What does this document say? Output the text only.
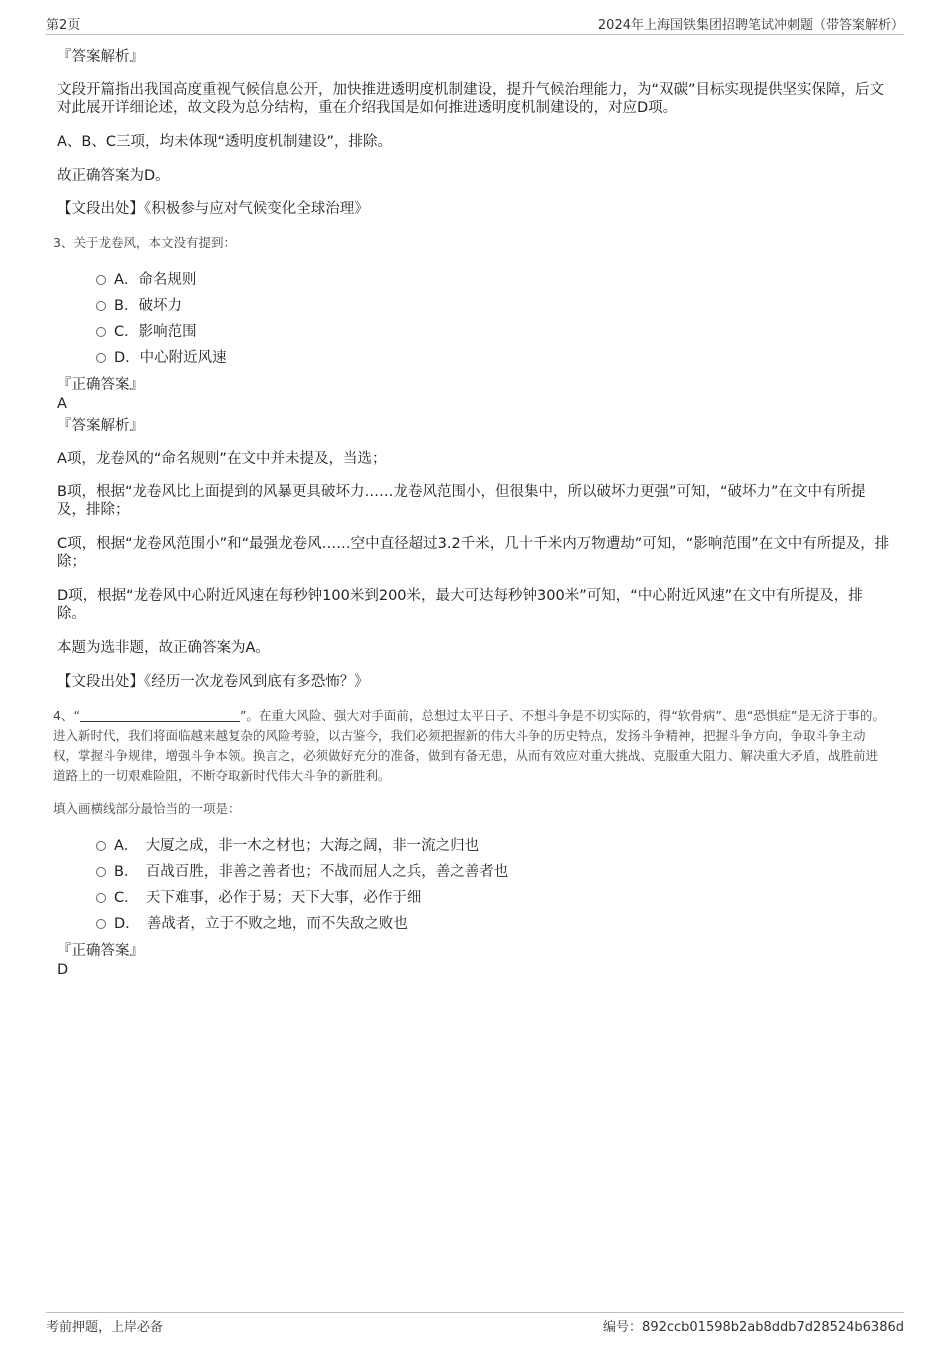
第2页	2024年上海国铁集团招聘笔试冲刺题（带答案解析）
『答案解析』
文段开篇指出我国高度重视气候信息公开，加快推进透明度机制建设，提升气候治理能力，为“双碳”目标实现提供坚实保障，后文对此展开详细论述，故文段为总分结构，重在介绍我国是如何推进透明度机制建设的，对应D项。
A、B、C三项，均未体现“透明度机制建设”，排除。
故正确答案为D。
【文段出处】《积极参与应对气候变化全球治理》
3、关于龙卷风，本文没有提到：
A．命名规则
B．破坏力
C．影响范围
D．中心附近风速
『正确答案』
A
『答案解析』
A项，龙卷风的“命名规则”在文中并未提及，当选；
B项，根据“龙卷风比上面提到的风暴更具破坏力……龙卷风范围小，但很集中，所以破坏力更强”可知，“破坏力”在文中有所提及，排除；
C项，根据“龙卷风范围小”和“最强龙卷风……空中直径超过3.2千米，几十千米内万物遭劫”可知，“影响范围”在文中有所提及，排除；
D项，根据“龙卷风中心附近风速在每秒钟100米到200米，最大可达每秒钟300米”可知，“中心附近风速”在文中有所提及，排除。
本题为选非题，故正确答案为A。
【文段出处】《经历一次龙卷风到底有多恐怖？》
4、“	”。在重大风险、强大对手面前，总想过太平日子、不想斗争是不切实际的，得“软骨病”、患“恐惧症”是无济于事的。进入新时代，我们将面临越来越复杂的风险考验，以古鉴今，我们必须把握新的伟大斗争的历史特点，发扬斗争精神，把握斗争方向，争取斗争主动权，掌握斗争规律，增强斗争本领。换言之，必须做好充分的准备，做到有备无患，从而有效应对重大挑战、克服重大阻力、解决重大矛盾，战胜前进道路上的一切艰难险阻，不断夺取新时代伟大斗争的新胜利。
填入画横线部分最恰当的一项是：
A．　大厦之成，非一木之材也；大海之阔，非一流之归也
B．　百战百胜，非善之善者也；不战而屈人之兵，善之善者也
C．　天下难事，必作于易；天下大事，必作于细
D．　善战者，立于不败之地，而不失敌之败也
『正确答案』
D
考前押题，上岸必备	编号：892ccb01598b2ab8ddb7d28524b6386d
